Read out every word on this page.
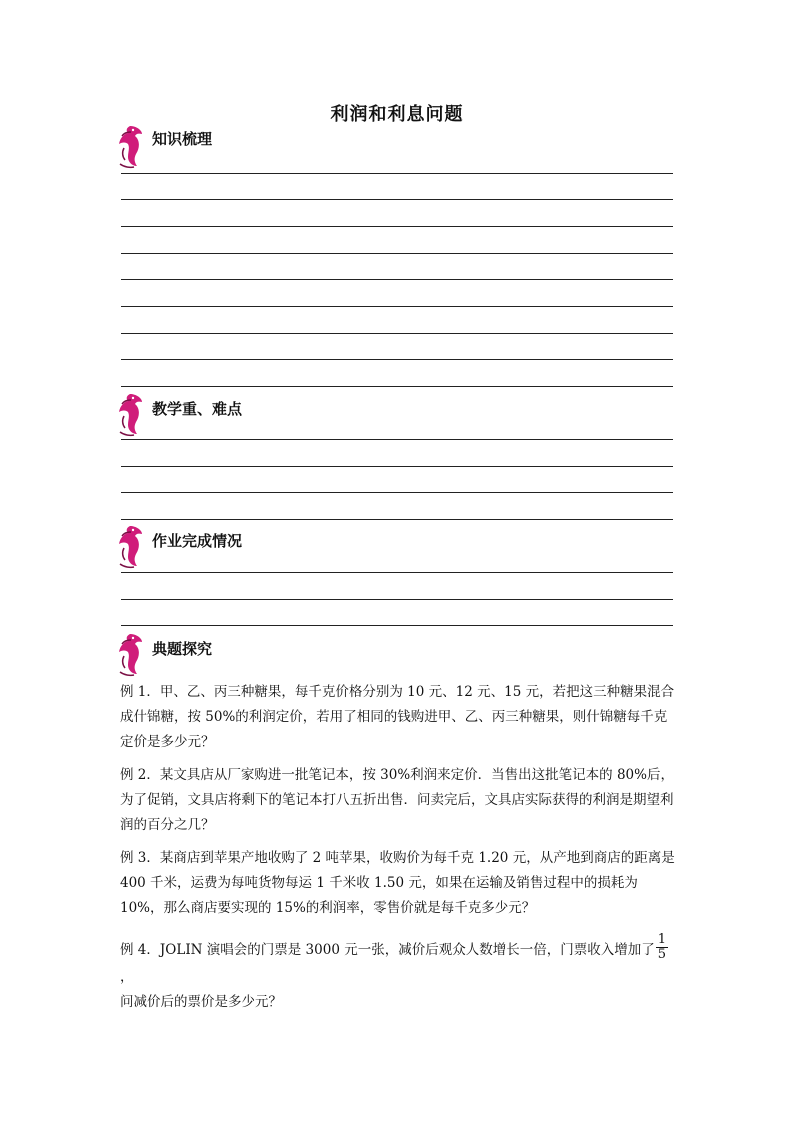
利润和利息问题
知识梳理
教学重、难点
作业完成情况
典题探究
例 1．甲、乙、丙三种糖果，每千克价格分别为 10 元、12 元、15 元，若把这三种糖果混合成什锦糖，按 50%的利润定价，若用了相同的钱购进甲、乙、丙三种糖果，则什锦糖每千克定价是多少元？
例 2．某文具店从厂家购进一批笔记本，按 30%利润来定价．当售出这批笔记本的 80%后，为了促销，文具店将剩下的笔记本打八五折出售．问卖完后，文具店实际获得的利润是期望利润的百分之几？
例 3．某商店到苹果产地收购了 2 吨苹果，收购价为每千克 1.20 元，从产地到商店的距离是 400 千米，运费为每吨货物每运 1 千米收 1.50 元，如果在运输及销售过程中的损耗为 10%，那么商店要实现的 15%的利润率，零售价就是每千克多少元？
例 4．JOLIN 演唱会的门票是 3000 元一张，减价后观众人数增长一倍，门票收入增加了 $\frac{1}{5}$
，
问减价后的票价是多少元？
